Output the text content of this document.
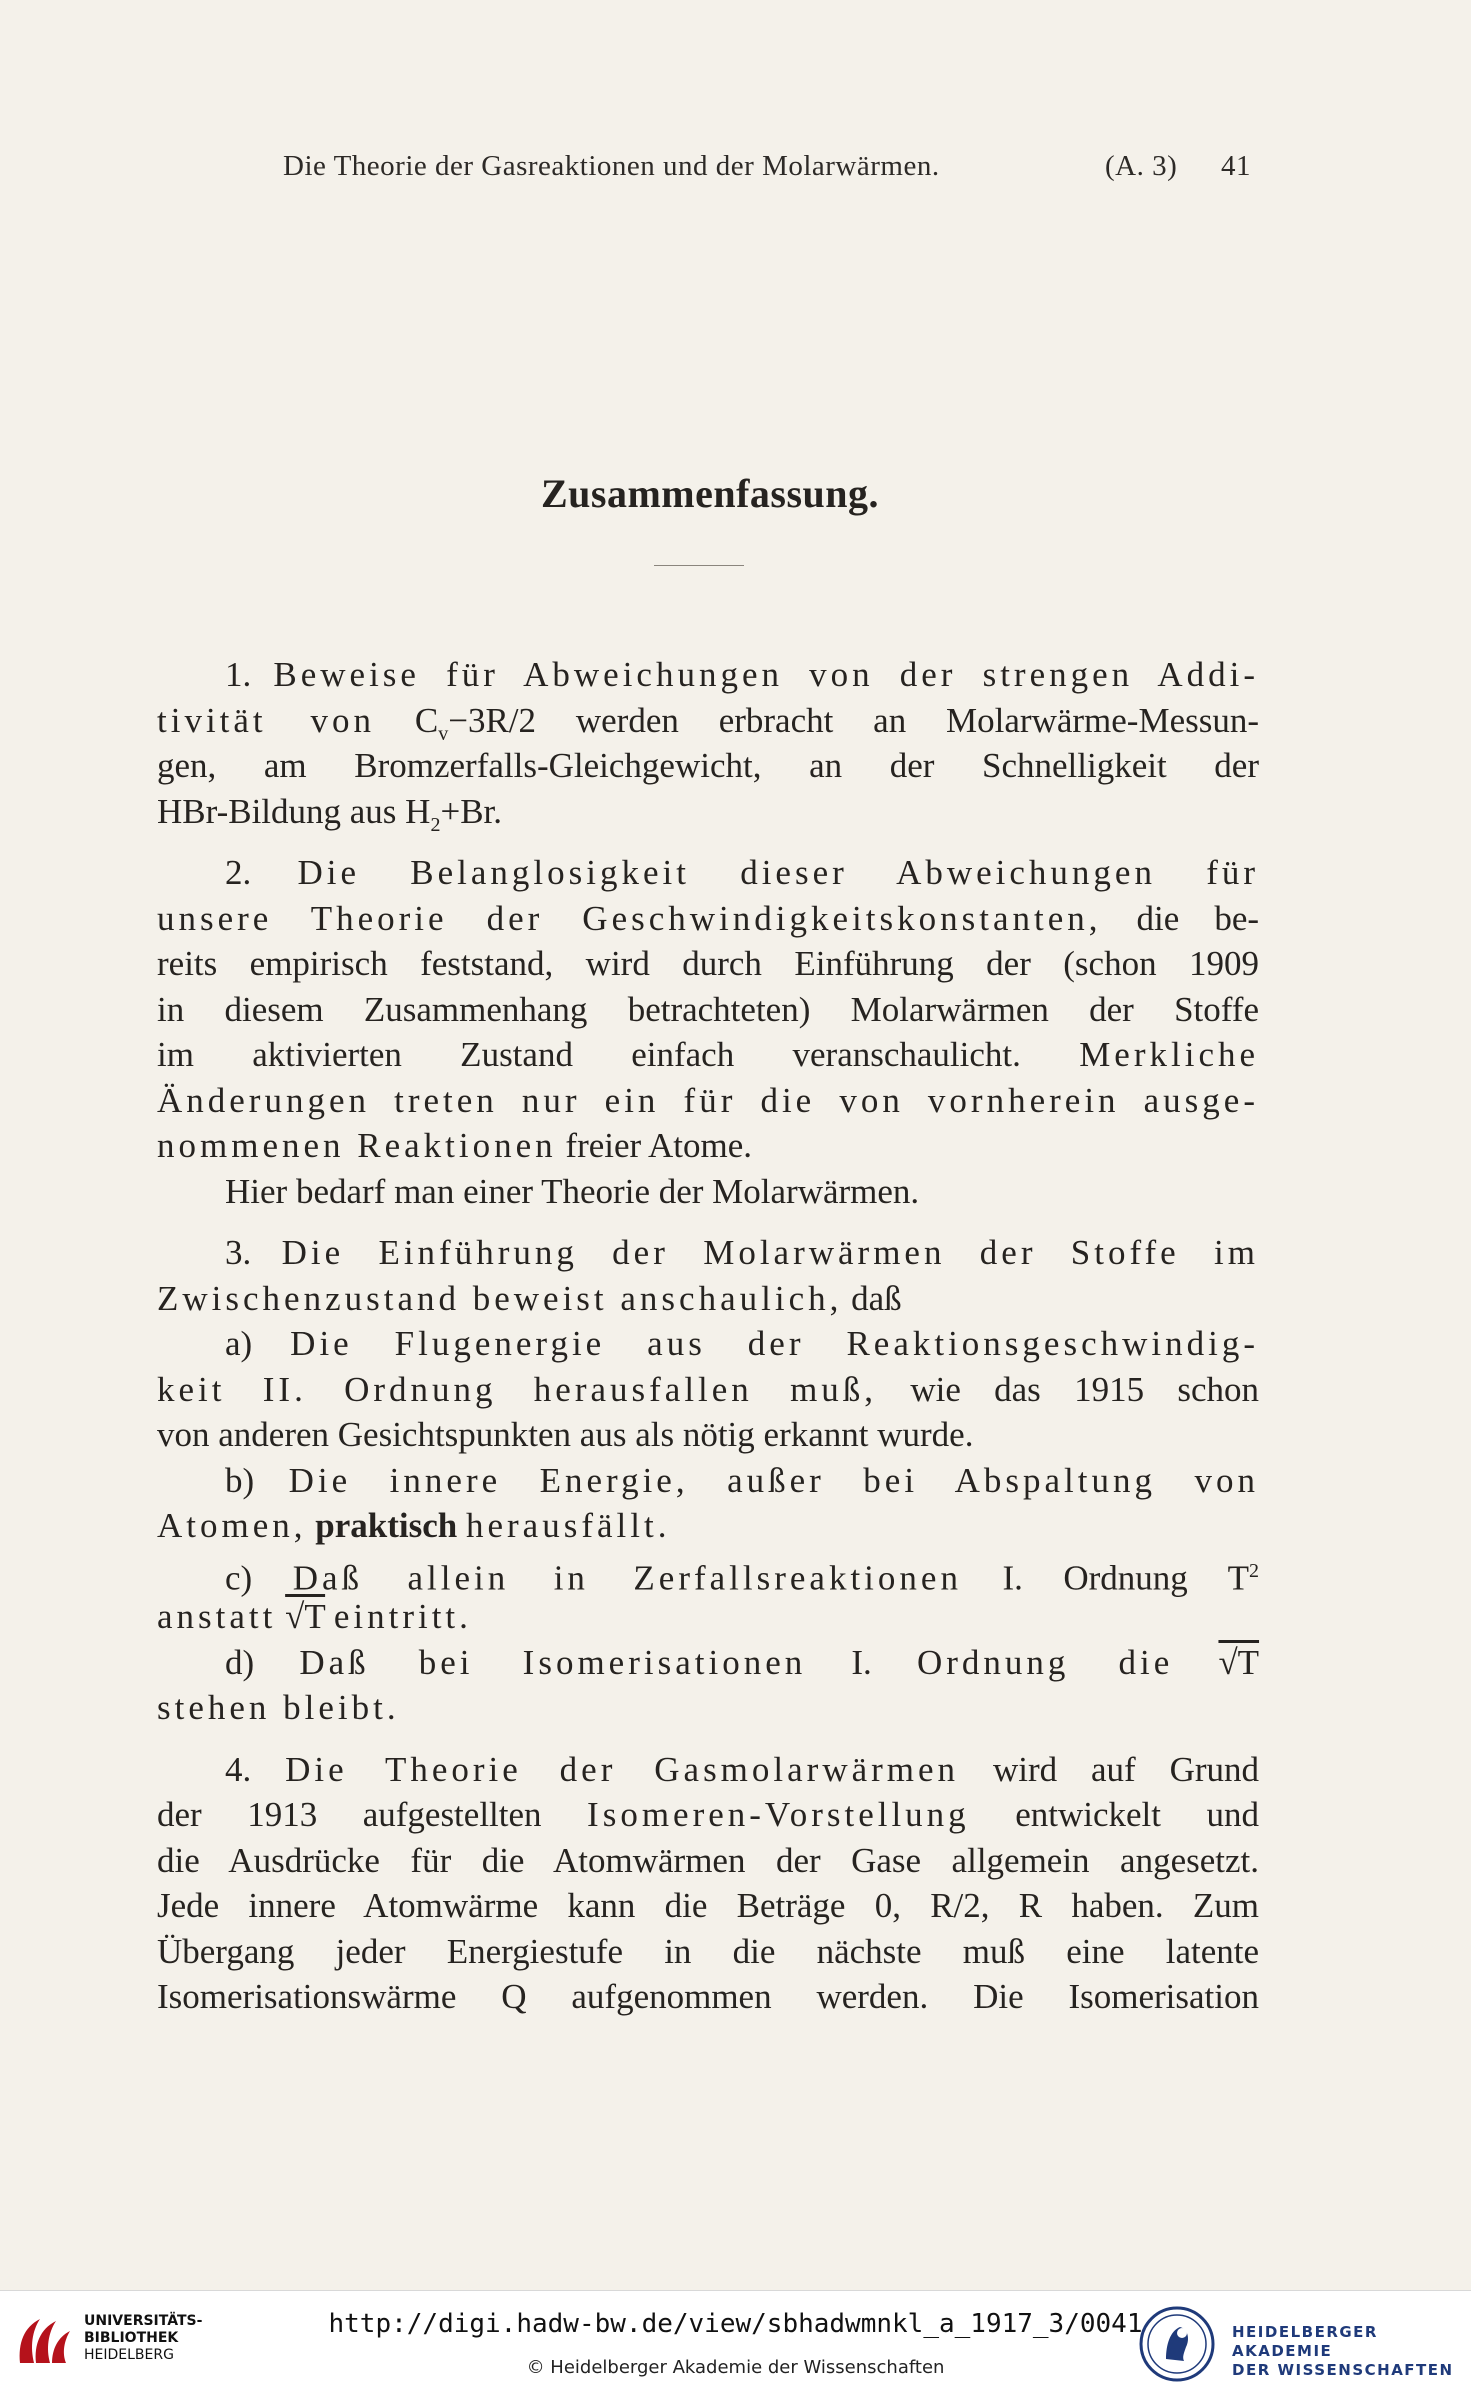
Die Theorie der Gasreaktionen und der Molarwärmen.	(A. 3) 41
Zusammenfassung.
1. Beweise für Abweichungen von der strengen Addi-
tivität von $C_v-3R/2$ werden erbracht an Molarwärme-Messun-
gen, am Bromzerfalls-Gleichgewicht, an der Schnelligkeit der
HBr-Bildung aus $H_2+Br$.
2. Die Belanglosigkeit dieser Abweichungen für
unsere Theorie der Geschwindigkeitskonstanten, die be-
reits empirisch feststand, wird durch Einführung der (schon 1909
in diesem Zusammenhang betrachteten) Molarwärmen der Stoffe
im aktivierten Zustand einfach veranschaulicht. Merkliche
Änderungen treten nur ein für die von vornherein ausge-
nommenen Reaktionen freier Atome.
Hier bedarf man einer Theorie der Molarwärmen.
3. Die Einführung der Molarwärmen der Stoffe im
Zwischenzustand beweist anschaulich, daß
a) Die Flugenergie aus der Reaktionsgeschwindig-
keit II. Ordnung herausfallen muß, wie das 1915 schon
von anderen Gesichtspunkten aus als nötig erkannt wurde.
b) Die innere Energie, außer bei Abspaltung von
Atomen, praktisch herausfällt.
c) Daß allein in Zerfallsreaktionen I. Ordnung $T^2$
anstatt √T eintritt.
d) Daß bei Isomerisationen I. Ordnung die √T
stehen bleibt.
4. Die Theorie der Gasmolarwärmen wird auf Grund
der 1913 aufgestellten Isomeren-Vorstellung entwickelt und
die Ausdrücke für die Atomwärmen der Gase allgemein angesetzt.
Jede innere Atomwärme kann die Beträge 0, R/2, R haben. Zum
Übergang jeder Energiestufe in die nächste muß eine latente
Isomerisationswärme Q aufgenommen werden. Die Isomerisation
UNIVERSITÄTS-
BIBLIOTHEK
HEIDELBERG
http://digi.hadw-bw.de/view/sbhadwmnkl_a_1917_3/0041
© Heidelberger Akademie der Wissenschaften
HEIDELBERGER AKADEMIE
DER WISSENSCHAFTEN
